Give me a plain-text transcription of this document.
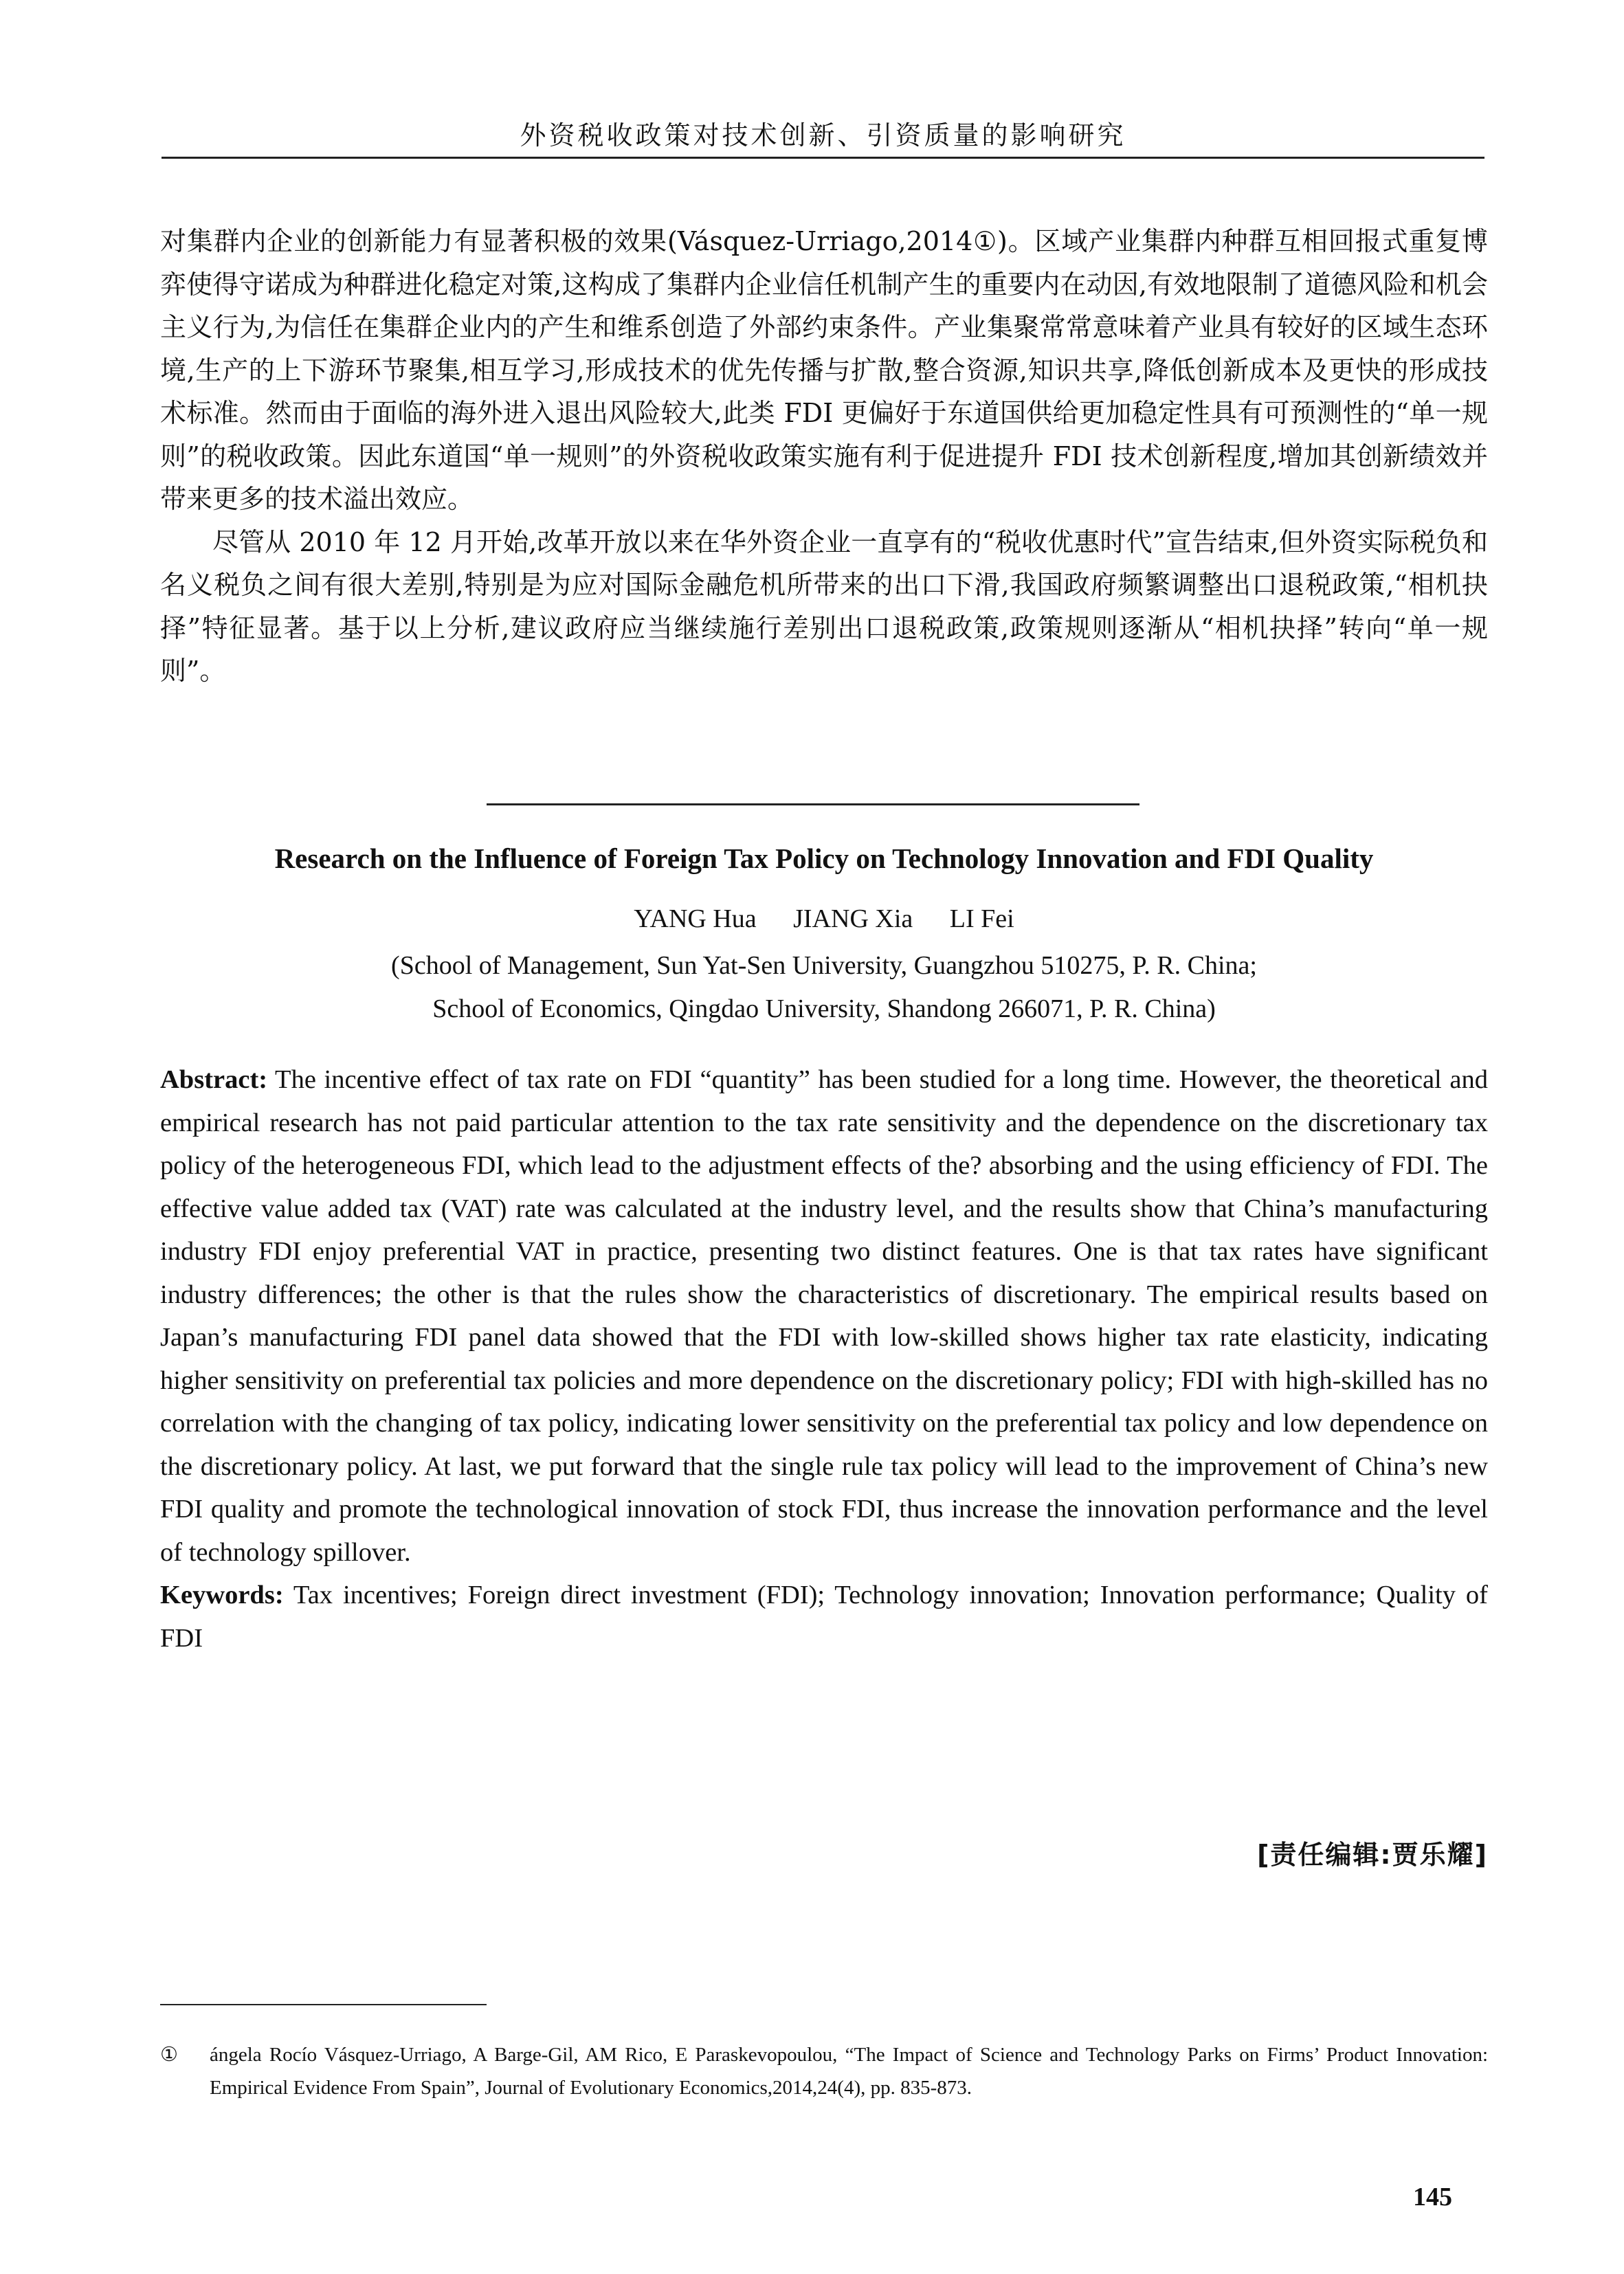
外资税收政策对技术创新、引资质量的影响研究

对集群内企业的创新能力有显著积极的效果(Vásquez-Urriago,2014①)。区域产业集群内种群互相回报式重复博弈使得守诺成为种群进化稳定对策,这构成了集群内企业信任机制产生的重要内在动因,有效地限制了道德风险和机会主义行为,为信任在集群企业内的产生和维系创造了外部约束条件。产业集聚常常意味着产业具有较好的区域生态环境,生产的上下游环节聚集,相互学习,形成技术的优先传播与扩散,整合资源,知识共享,降低创新成本及更快的形成技术标准。然而由于面临的海外进入退出风险较大,此类 FDI 更偏好于东道国供给更加稳定性具有可预测性的“单一规则”的税收政策。因此东道国“单一规则”的外资税收政策实施有利于促进提升 FDI 技术创新程度,增加其创新绩效并带来更多的技术溢出效应。

尽管从 2010 年 12 月开始,改革开放以来在华外资企业一直享有的“税收优惠时代”宣告结束,但外资实际税负和名义税负之间有很大差别,特别是为应对国际金融危机所带来的出口下滑,我国政府频繁调整出口退税政策,“相机抉择”特征显著。基于以上分析,建议政府应当继续施行差别出口退税政策,政策规则逐渐从“相机抉择”转向“单一规则”。

Research on the Influence of Foreign Tax Policy on Technology Innovation and FDI Quality
YANG Hua JIANG Xia LI Fei
(School of Management, Sun Yat-Sen University, Guangzhou 510275, P. R. China;
School of Economics, Qingdao University, Shandong 266071, P. R. China)

Abstract: The incentive effect of tax rate on FDI “quantity” has been studied for a long time. However, the theoretical and empirical research has not paid particular attention to the tax rate sensitivity and the dependence on the discretionary tax policy of the heterogeneous FDI, which lead to the adjustment effects of the? absorbing and the using efficiency of FDI. The effective value added tax (VAT) rate was calculated at the industry level, and the results show that China’s manufacturing industry FDI enjoy preferential VAT in practice, presenting two distinct features. One is that tax rates have significant industry differences; the other is that the rules show the characteristics of discretionary. The empirical results based on Japan’s manufacturing FDI panel data showed that the FDI with low-skilled shows higher tax rate elasticity, indicating higher sensitivity on preferential tax policies and more dependence on the discretionary policy; FDI with high-skilled has no correlation with the changing of tax policy, indicating lower sensitivity on the preferential tax policy and low dependence on the discretionary policy. At last, we put forward that the single rule tax policy will lead to the improvement of China’s new FDI quality and promote the technological innovation of stock FDI, thus increase the innovation performance and the level of technology spillover.

Keywords: Tax incentives; Foreign direct investment (FDI); Technology innovation; Innovation performance; Quality of FDI

[责任编辑:贾乐耀]
① ángela Rocío Vásquez-Urriago, A Barge-Gil, AM Rico, E Paraskevopoulou, “The Impact of Science and Technology Parks on Firms’ Product Innovation: Empirical Evidence From Spain”, Journal of Evolutionary Economics,2014,24(4), pp. 835-873.
145
